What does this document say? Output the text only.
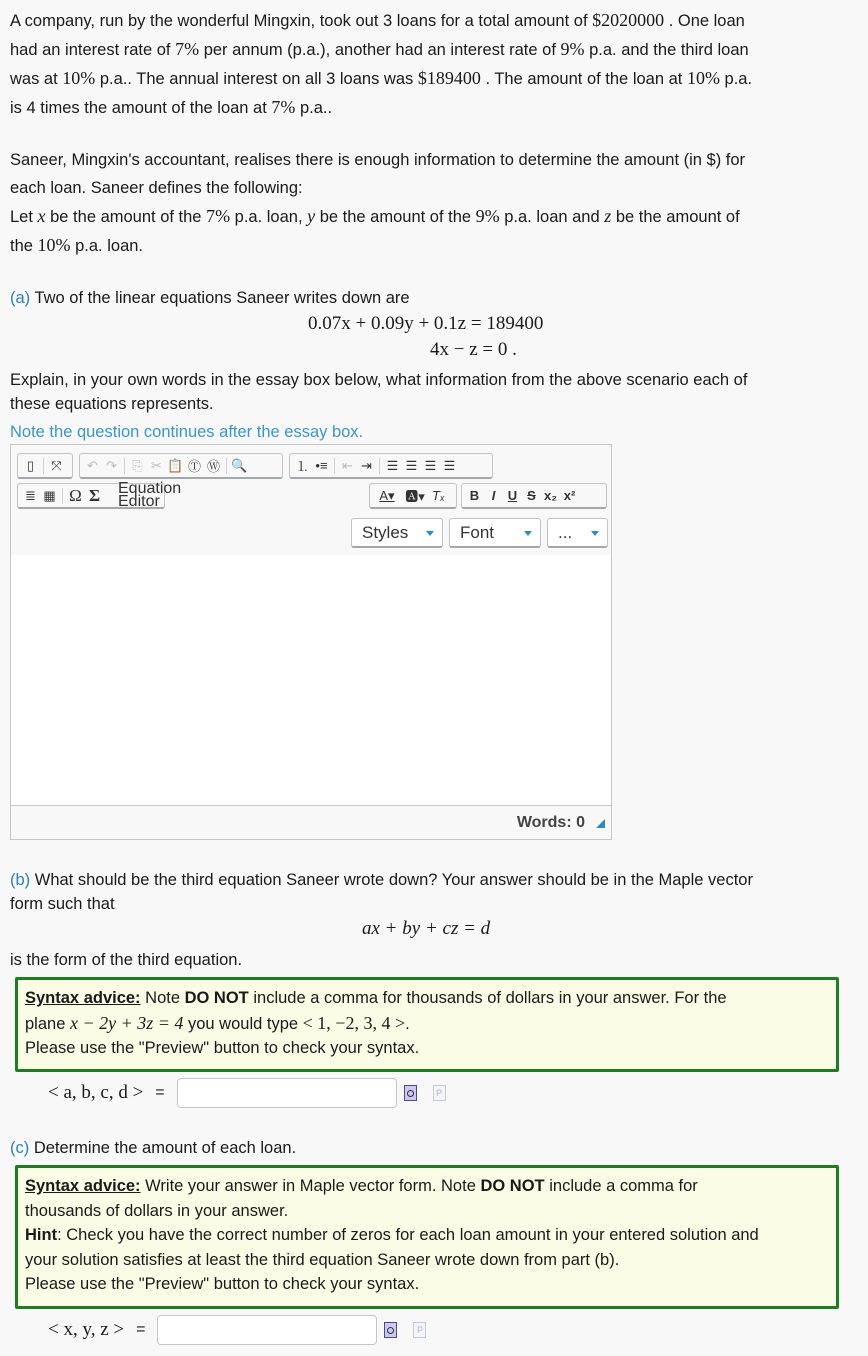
A company, run by the wonderful Mingxin, took out 3 loans for a total amount of $2020000 . One loan
had an interest rate of 7% per annum (p.a.), another had an interest rate of 9% p.a. and the third loan
was at 10% p.a.. The annual interest on all 3 loans was $189400 . The amount of the loan at 10% p.a.
is 4 times the amount of the loan at 7% p.a..
Saneer, Mingxin's accountant, realises there is enough information to determine the amount (in $) for
each loan. Saneer defines the following:
Let x be the amount of the 7% p.a. loan, y be the amount of the 9% p.a. loan and z be the amount of
the 10% p.a. loan.
(a) Two of the linear equations Saneer writes down are
0.07x + 0.09y + 0.1z = 189400
4x − z = 0 .
Explain, in your own words in the essay box below, what information from the above scenario each of
these equations represents.
Note the question continues after the essay box.
▯	⤧	↶ ↷	⎘ ✂ 📋 Ⓣ Ⓦ 🔍	⒈ •≡	⇤ ⇥	☰ ☰ ☰ ☰
≣ ▦ Ω Σ Equation Editor	A▾ 🅰▾ Tₓ	B I U S x₂ x²
Styles	Font	...
Words: 0
(b) What should be the third equation Saneer wrote down? Your answer should be in the Maple vector
form such that
ax + by + cz = d
is the form of the third equation.
Syntax advice: Note DO NOT include a comma for thousands of dollars in your answer. For the
plane x − 2y + 3z = 4 you would type < 1, −2, 3, 4 >.
Please use the "Preview" button to check your syntax.
< a, b, c, d > =	P
(c) Determine the amount of each loan.
Syntax advice: Write your answer in Maple vector form. Note DO NOT include a comma for
thousands of dollars in your answer.
Hint: Check you have the correct number of zeros for each loan amount in your entered solution and
your solution satisfies at least the third equation Saneer wrote down from part (b).
Please use the "Preview" button to check your syntax.
< x, y, z > =	P
